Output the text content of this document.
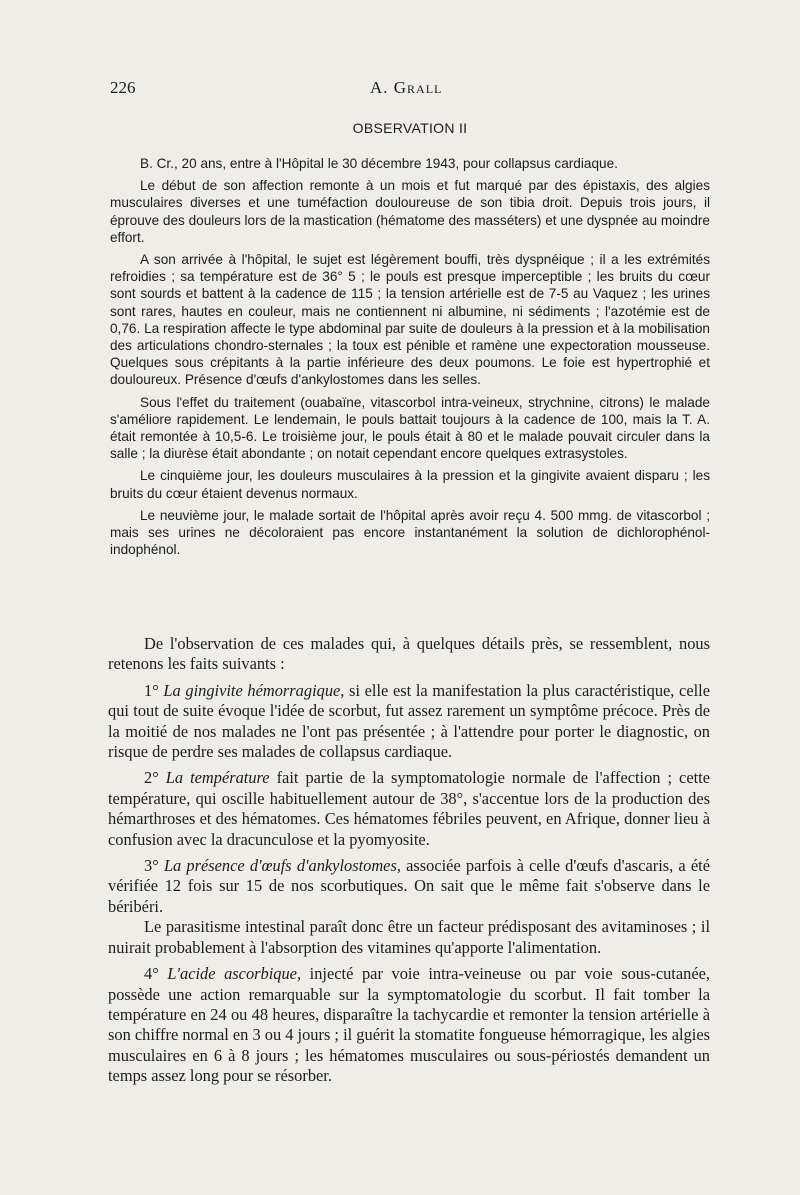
226	A. Grall
OBSERVATION II

B. Cr., 20 ans, entre à l'Hôpital le 30 décembre 1943, pour collapsus cardiaque.

Le début de son affection remonte à un mois et fut marqué par des épistaxis, des algies musculaires diverses et une tuméfaction douloureuse de son tibia droit. Depuis trois jours, il éprouve des douleurs lors de la mastication (hématome des masséters) et une dyspnée au moindre effort.

A son arrivée à l'hôpital, le sujet est légèrement bouffi, très dyspnéique ; il a les extrémités refroidies ; sa température est de 36° 5 ; le pouls est presque imperceptible ; les bruits du cœur sont sourds et battent à la cadence de 115 ; la tension artérielle est de 7-5 au Vaquez ; les urines sont rares, hautes en couleur, mais ne contiennent ni albumine, ni sédiments ; l'azotémie est de 0,76. La respiration affecte le type abdominal par suite de douleurs à la pression et à la mobilisation des articulations chondro-sternales ; la toux est pénible et ramène une expectoration mousseuse. Quelques sous crépitants à la partie inférieure des deux poumons. Le foie est hypertrophié et douloureux. Présence d'œufs d'ankylostomes dans les selles.

Sous l'effet du traitement (ouabaïne, vitascorbol intra-veineux, strychnine, citrons) le malade s'améliore rapidement. Le lendemain, le pouls battait toujours à la cadence de 100, mais la T. A. était remontée à 10,5-6. Le troisième jour, le pouls était à 80 et le malade pouvait circuler dans la salle ; la diurèse était abondante ; on notait cependant encore quelques extrasystoles.

Le cinquième jour, les douleurs musculaires à la pression et la gingivite avaient disparu ; les bruits du cœur étaient devenus normaux.

Le neuvième jour, le malade sortait de l'hôpital après avoir reçu 4. 500 mmg. de vitascorbol ; mais ses urines ne décoloraient pas encore instantanément la solution de dichlorophénol-indophénol.

De l'observation de ces malades qui, à quelques détails près, se ressemblent, nous retenons les faits suivants :

1° La gingivite hémorragique, si elle est la manifestation la plus caractéristique, celle qui tout de suite évoque l'idée de scorbut, fut assez rarement un symptôme précoce. Près de la moitié de nos malades ne l'ont pas présentée ; à l'attendre pour porter le diagnostic, on risque de perdre ses malades de collapsus cardiaque.

2° La température fait partie de la symptomatologie normale de l'affection ; cette température, qui oscille habituellement autour de 38°, s'accentue lors de la production des hémarthroses et des hématomes. Ces hématomes fébriles peuvent, en Afrique, donner lieu à confusion avec la dracunculose et la pyomyosite.

3° La présence d'œufs d'ankylostomes, associée parfois à celle d'œufs d'ascaris, a été vérifiée 12 fois sur 15 de nos scorbutiques. On sait que le même fait s'observe dans le béribéri.

Le parasitisme intestinal paraît donc être un facteur prédisposant des avitaminoses ; il nuirait probablement à l'absorption des vitamines qu'apporte l'alimentation.

4° L'acide ascorbique, injecté par voie intra-veineuse ou par voie sous-cutanée, possède une action remarquable sur la symptomatologie du scorbut. Il fait tomber la température en 24 ou 48 heures, disparaître la tachycardie et remonter la tension artérielle à son chiffre normal en 3 ou 4 jours ; il guérit la stomatite fongueuse hémorragique, les algies musculaires en 6 à 8 jours ; les hématomes musculaires ou sous-périostés demandent un temps assez long pour se résorber.
